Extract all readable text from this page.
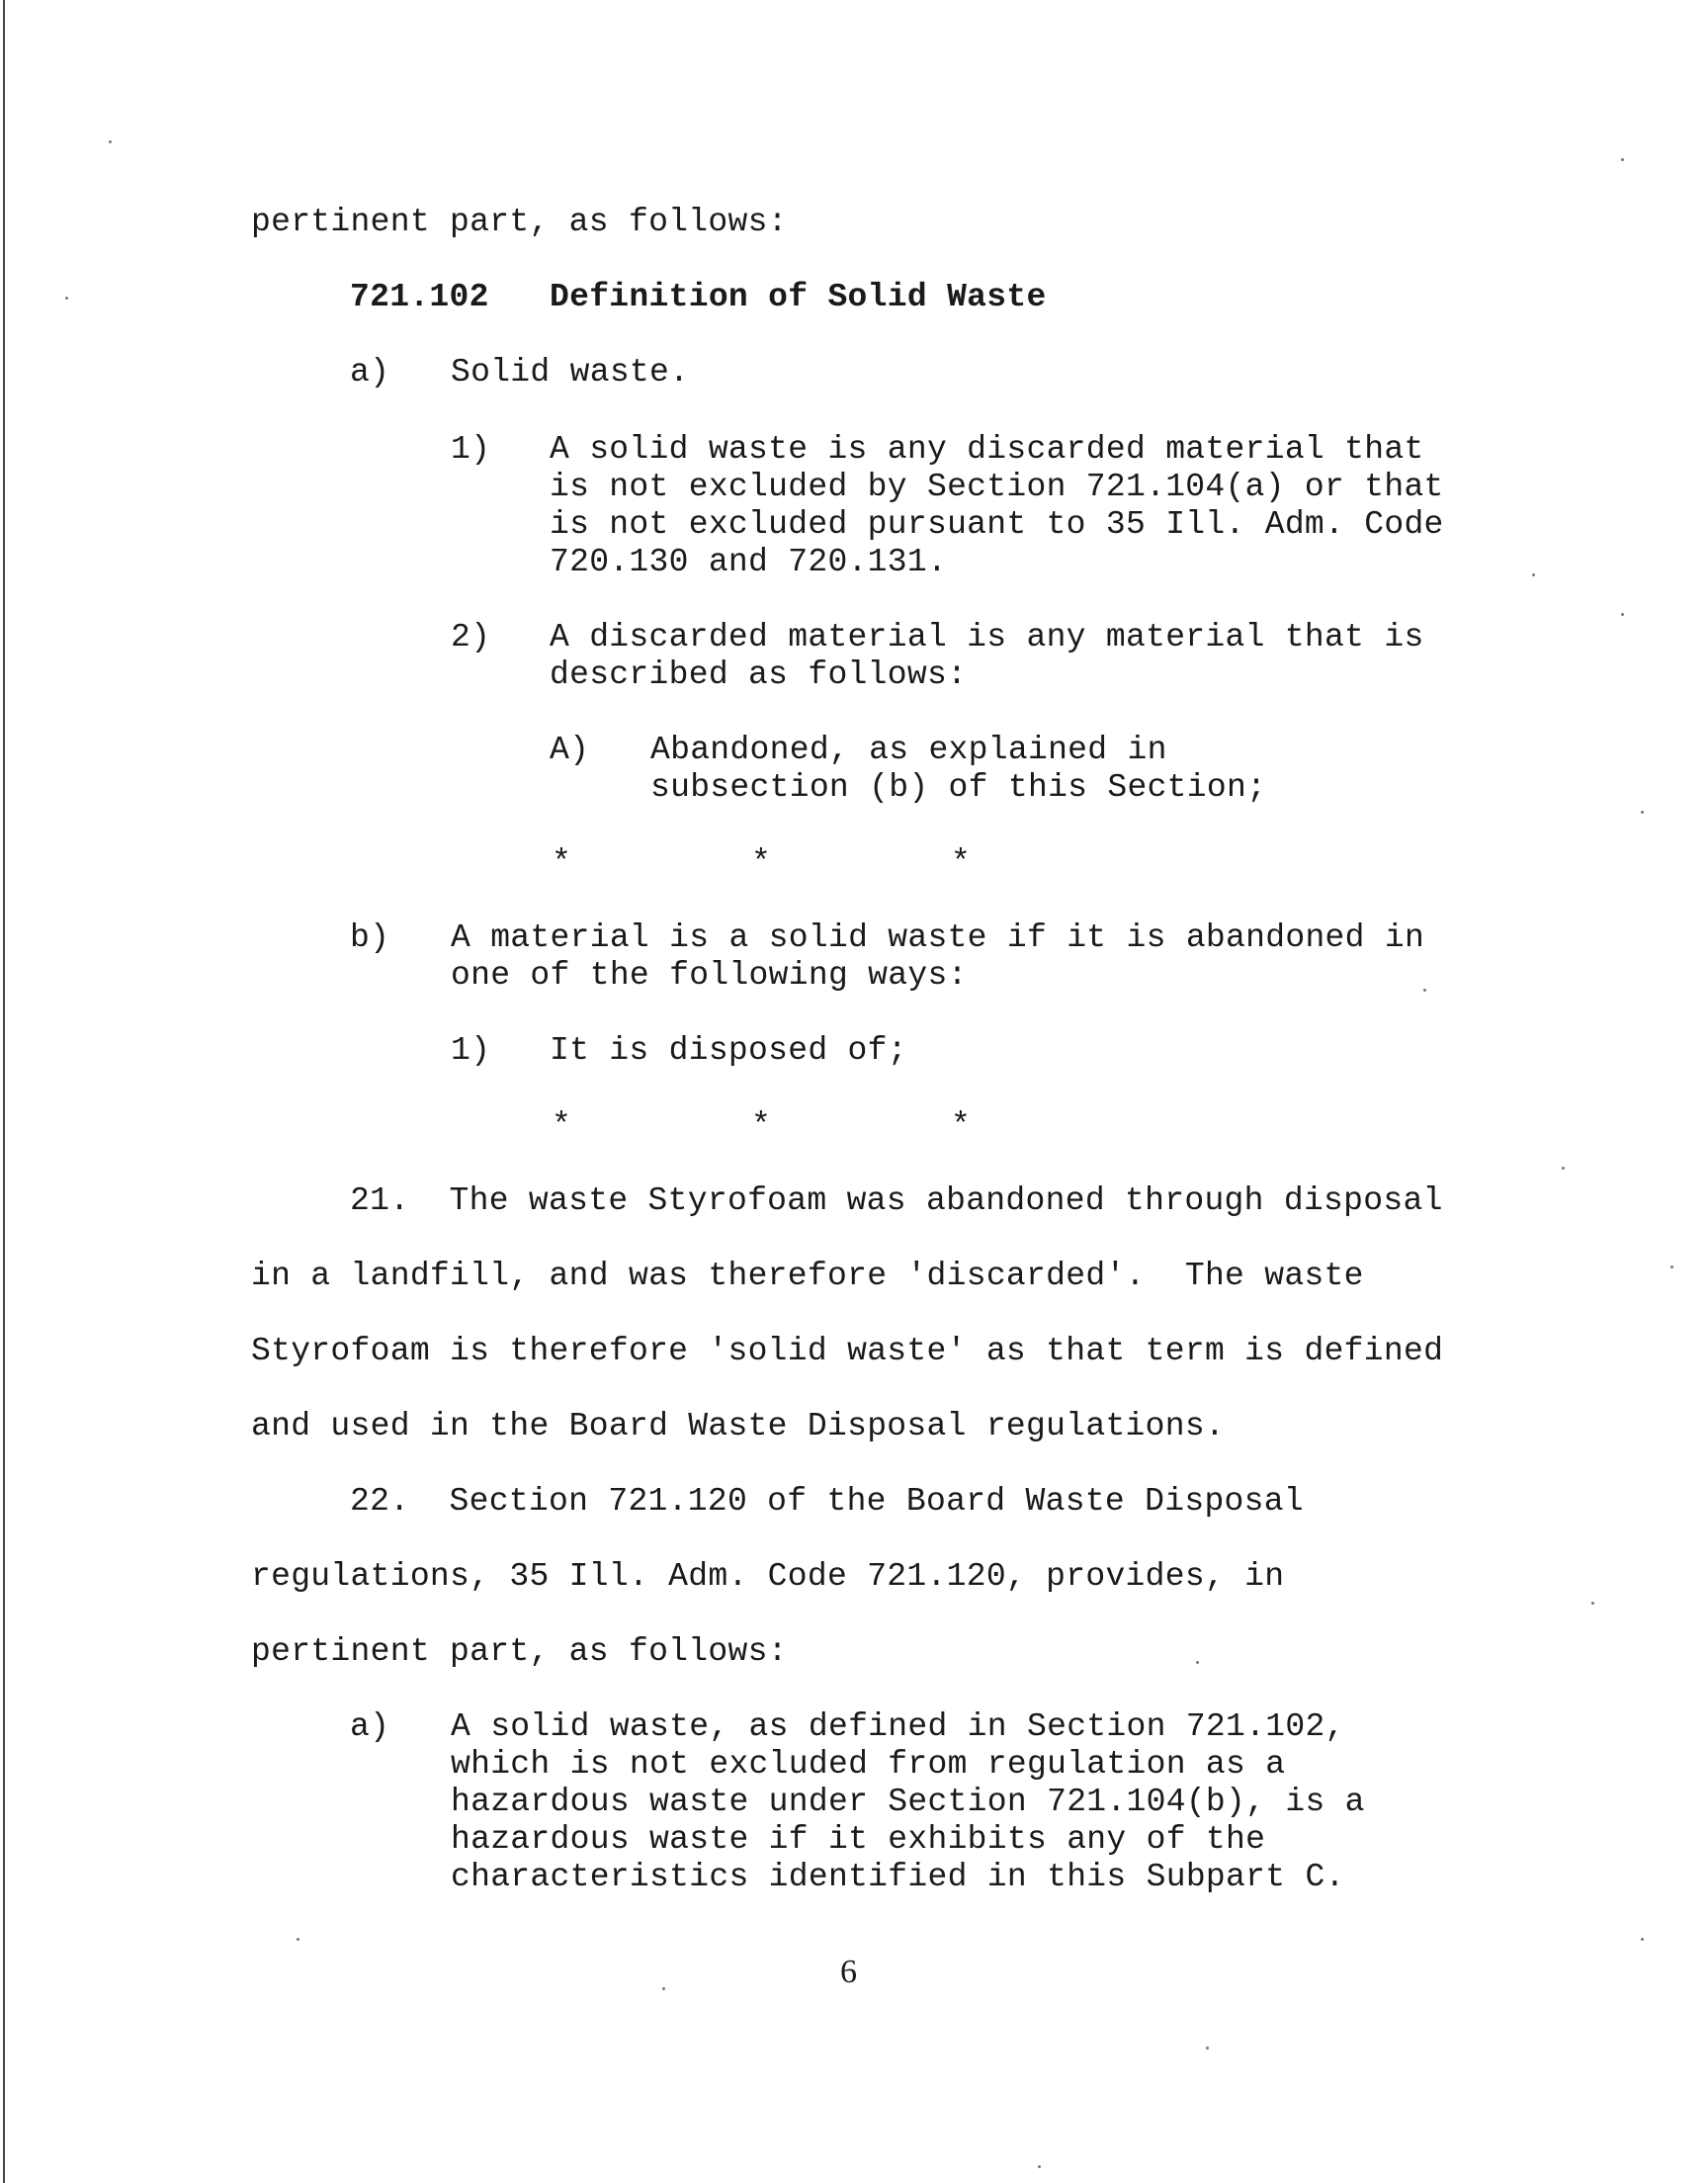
pertinent part, as follows:
721.102 Definition of Solid Waste
a) Solid waste.
1) A solid waste is any discarded material that
is not excluded by Section 721.104(a) or that
is not excluded pursuant to 35 Ill. Adm. Code
720.130 and 720.131.
2) A discarded material is any material that is
described as follows:
A) Abandoned, as explained in
subsection (b) of this Section;
*	*	*
b) A material is a solid waste if it is abandoned in
one of the following ways:
1) It is disposed of;
*	*	*
21.  The waste Styrofoam was abandoned through disposal
in a landfill, and was therefore 'discarded'.  The waste
Styrofoam is therefore 'solid waste' as that term is defined
and used in the Board Waste Disposal regulations.
22.  Section 721.120 of the Board Waste Disposal
regulations, 35 Ill. Adm. Code 721.120, provides, in
pertinent part, as follows:
a) A solid waste, as defined in Section 721.102,
which is not excluded from regulation as a
hazardous waste under Section 721.104(b), is a
hazardous waste if it exhibits any of the
characteristics identified in this Subpart C.
6
